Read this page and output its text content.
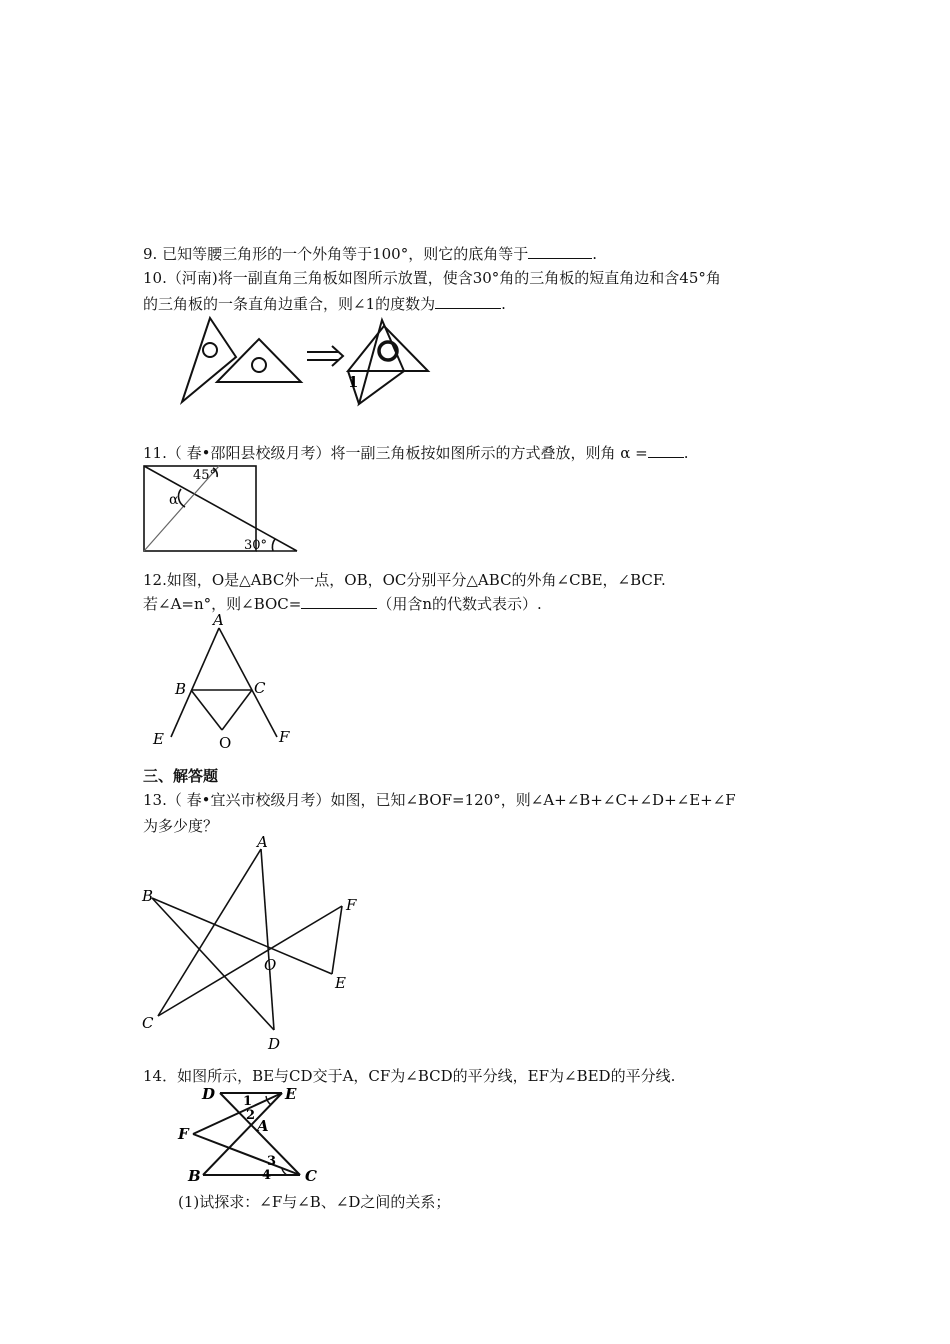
9. 已知等腰三角形的一个外角等于100°，则它的底角等于	.
10.（河南)将一副直角三角板如图所示放置，使含30°角的三角板的短直角边和含45°角
的三角板的一条直角边重合，则∠1的度数为	.
1
11.（ 春•邵阳县校级月考）将一副三角板按如图所示的方式叠放，则角 α = .
45°
α
30°
12.如图，O是△ABC外一点，OB，OC分别平分△ABC的外角∠CBE，∠BCF.
若∠A=n°，则∠BOC=	（用含n的代数式表示）.
A
B	C
E	O	F
三、解答题
13.（ 春•宜兴市校级月考）如图，已知∠BOF=120°，则∠A+∠B+∠C+∠D+∠E+∠F
为多少度？
A
B	F
O
E
C
D
14．如图所示，BE与CD交于A，CF为∠BCD的平分线，EF为∠BED的平分线.
D	E
F	A
B	C
1
2
3
4
(1)试探求：∠F与∠B、∠D之间的关系；
